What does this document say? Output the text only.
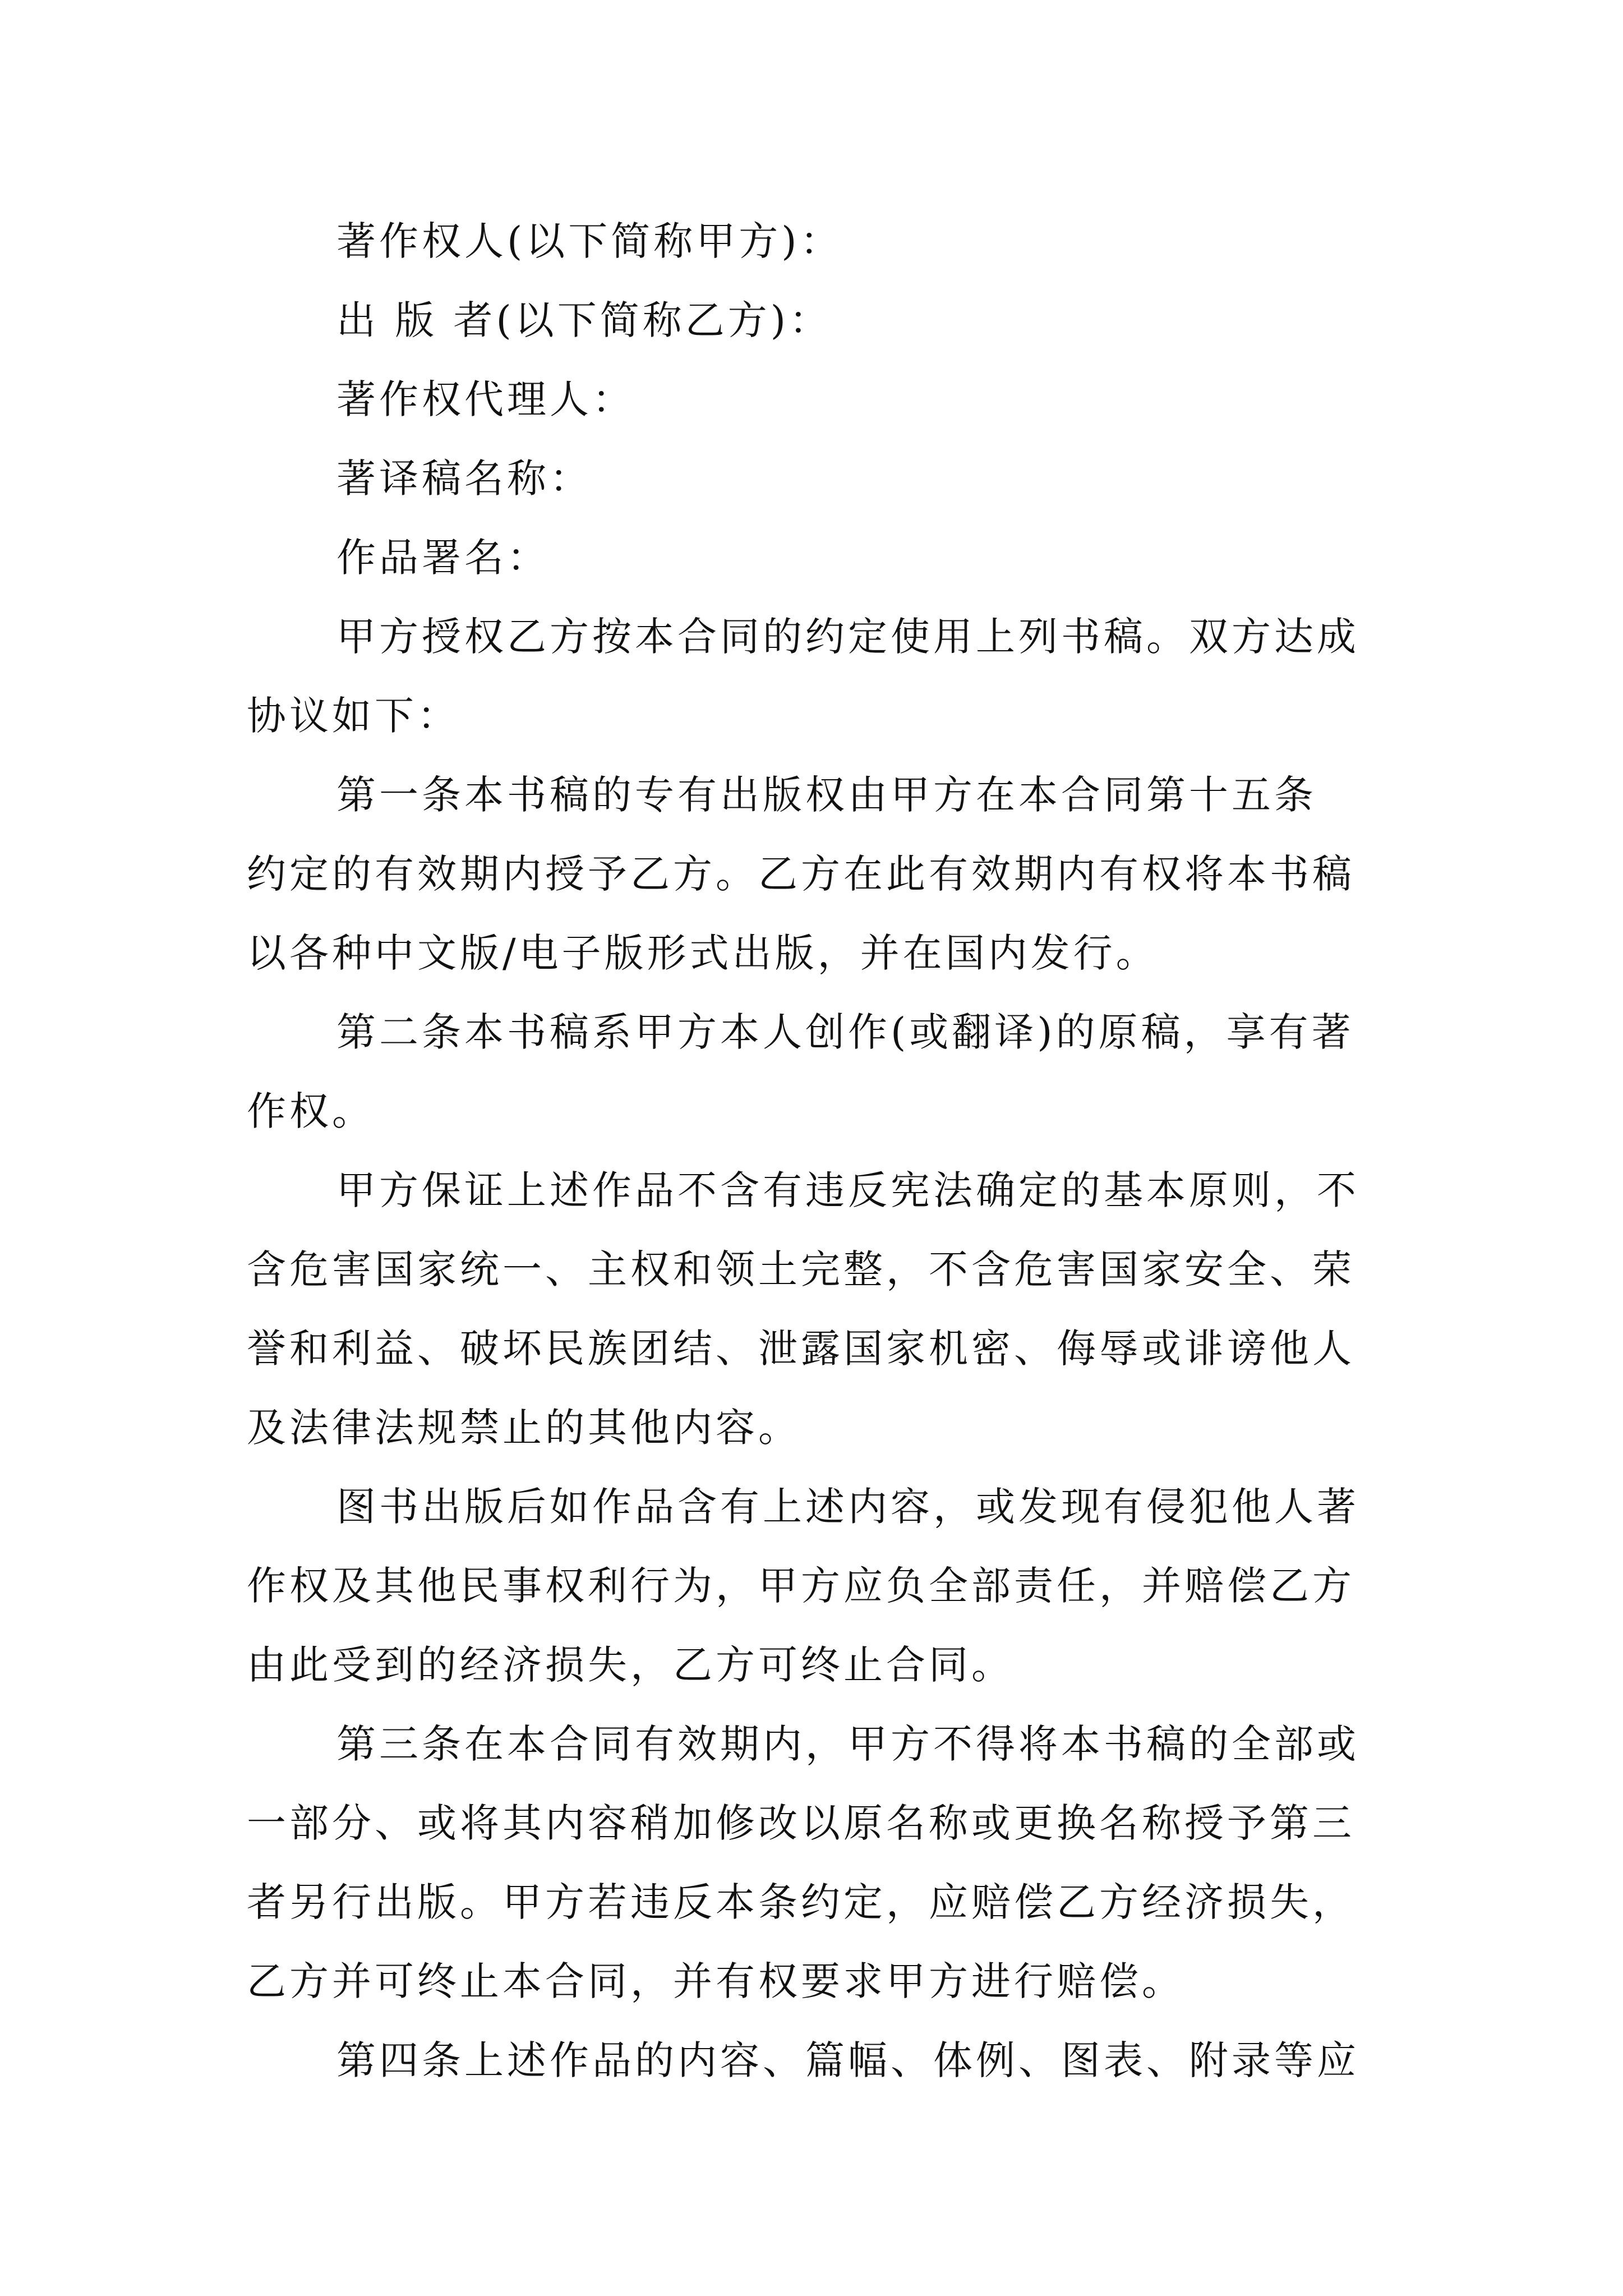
著作权人(以下简称甲方)：
出 版 者(以下简称乙方)：
著作权代理人：
著译稿名称：
作品署名：
甲方授权乙方按本合同的约定使用上列书稿。双方达成
协议如下：
第一条本书稿的专有出版权由甲方在本合同第十五条
约定的有效期内授予乙方。乙方在此有效期内有权将本书稿
以各种中文版/电子版形式出版，并在国内发行。
第二条本书稿系甲方本人创作(或翻译)的原稿，享有著
作权。
甲方保证上述作品不含有违反宪法确定的基本原则，不
含危害国家统一、主权和领土完整，不含危害国家安全、荣
誉和利益、破坏民族团结、泄露国家机密、侮辱或诽谤他人
及法律法规禁止的其他内容。
图书出版后如作品含有上述内容，或发现有侵犯他人著
作权及其他民事权利行为，甲方应负全部责任，并赔偿乙方
由此受到的经济损失，乙方可终止合同。
第三条在本合同有效期内，甲方不得将本书稿的全部或
一部分、或将其内容稍加修改以原名称或更换名称授予第三
者另行出版。甲方若违反本条约定，应赔偿乙方经济损失，
乙方并可终止本合同，并有权要求甲方进行赔偿。
第四条上述作品的内容、篇幅、体例、图表、附录等应
